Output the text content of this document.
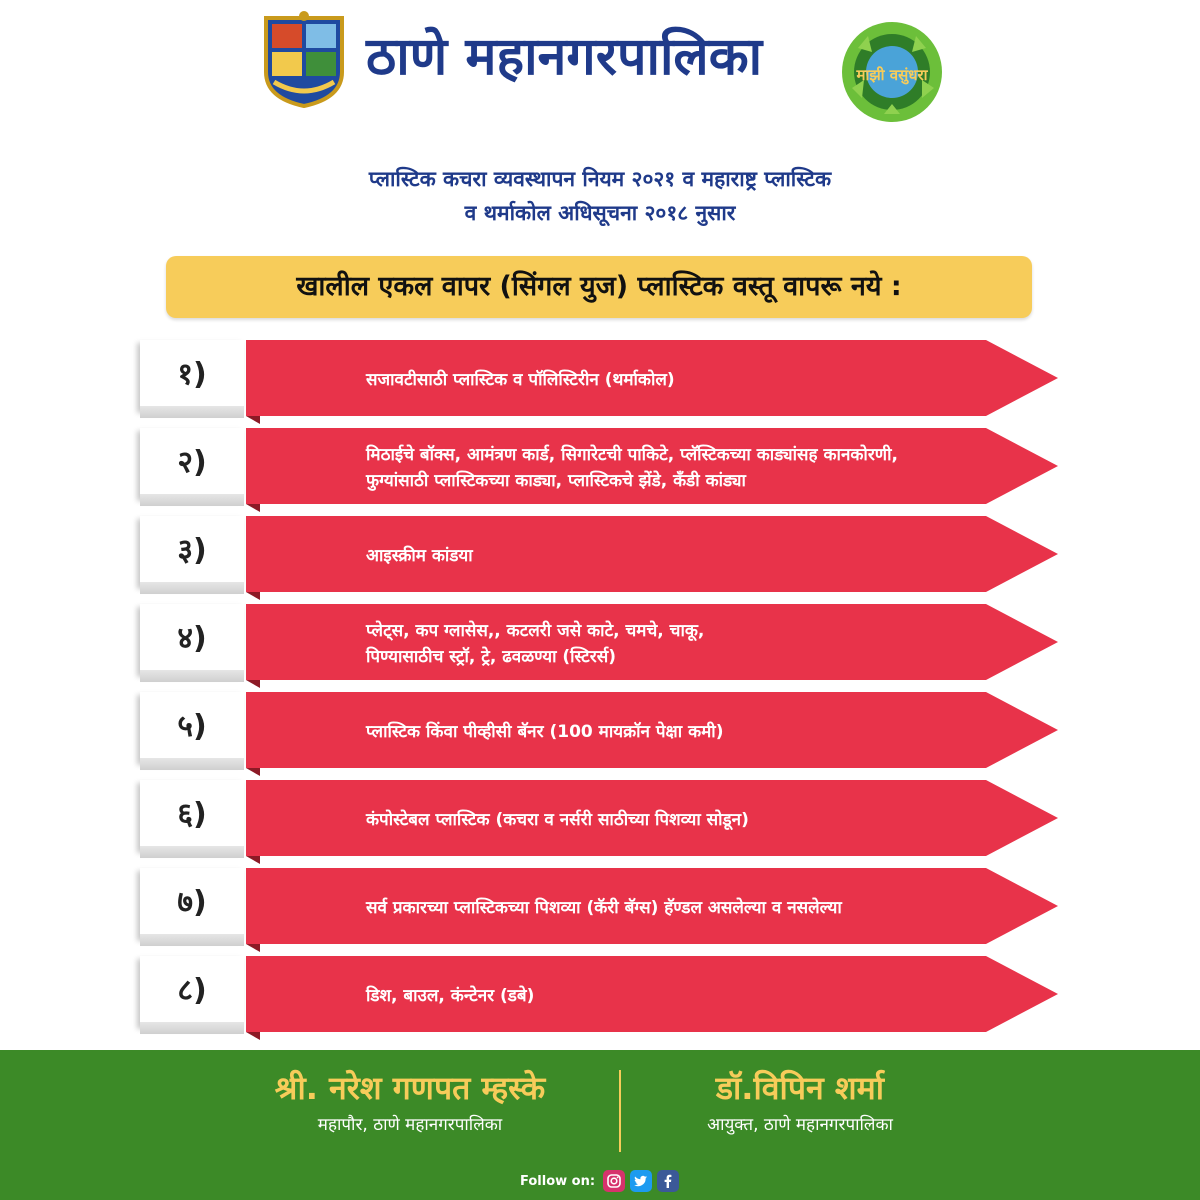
ठाणे महानगरपालिका	माझी वसुंधरा
प्लास्टिक कचरा व्यवस्थापन नियम २०२१ व महाराष्ट्र प्लास्टिक
व थर्माकोल अधिसूचना २०१८ नुसार
खालील एकल वापर (सिंगल युज) प्लास्टिक वस्तू वापरू नये :
१)	सजावटीसाठी प्लास्टिक व पॉलिस्टिरीन (थर्माकोल)
२)	मिठाईचे बॉक्स, आमंत्रण कार्ड, सिगारेटची पाकिटे, प्लॅस्टिकच्या काड्यांसह कानकोरणी,
फुग्यांसाठी प्लास्टिकच्या काड्या, प्लास्टिकचे झेंडे, कँडी कांड्या
३)	आइस्क्रीम कांडया
४)	प्लेट्स, कप ग्लासेस,, कटलरी जसे काटे, चमचे, चाकू,
पिण्यासाठीच स्ट्रॉ, ट्रे, ढवळण्या (स्टिरर्स)
५)	प्लास्टिक किंवा पीव्हीसी बॅनर (100 मायक्रॉन पेक्षा कमी)
६)	कंपोस्टेबल प्लास्टिक (कचरा व नर्सरी साठीच्या पिशव्या सोडून)
७)	सर्व प्रकारच्या प्लास्टिकच्या पिशव्या (कॅरी बॅग्स) हॅण्डल असलेल्या व नसलेल्या
८)	डिश, बाउल, कंन्टेनर (डबे)
श्री. नरेश गणपत म्हस्के
महापौर, ठाणे महानगरपालिका
डॉ.विपिन शर्मा
आयुक्त, ठाणे महानगरपालिका
Follow on:
